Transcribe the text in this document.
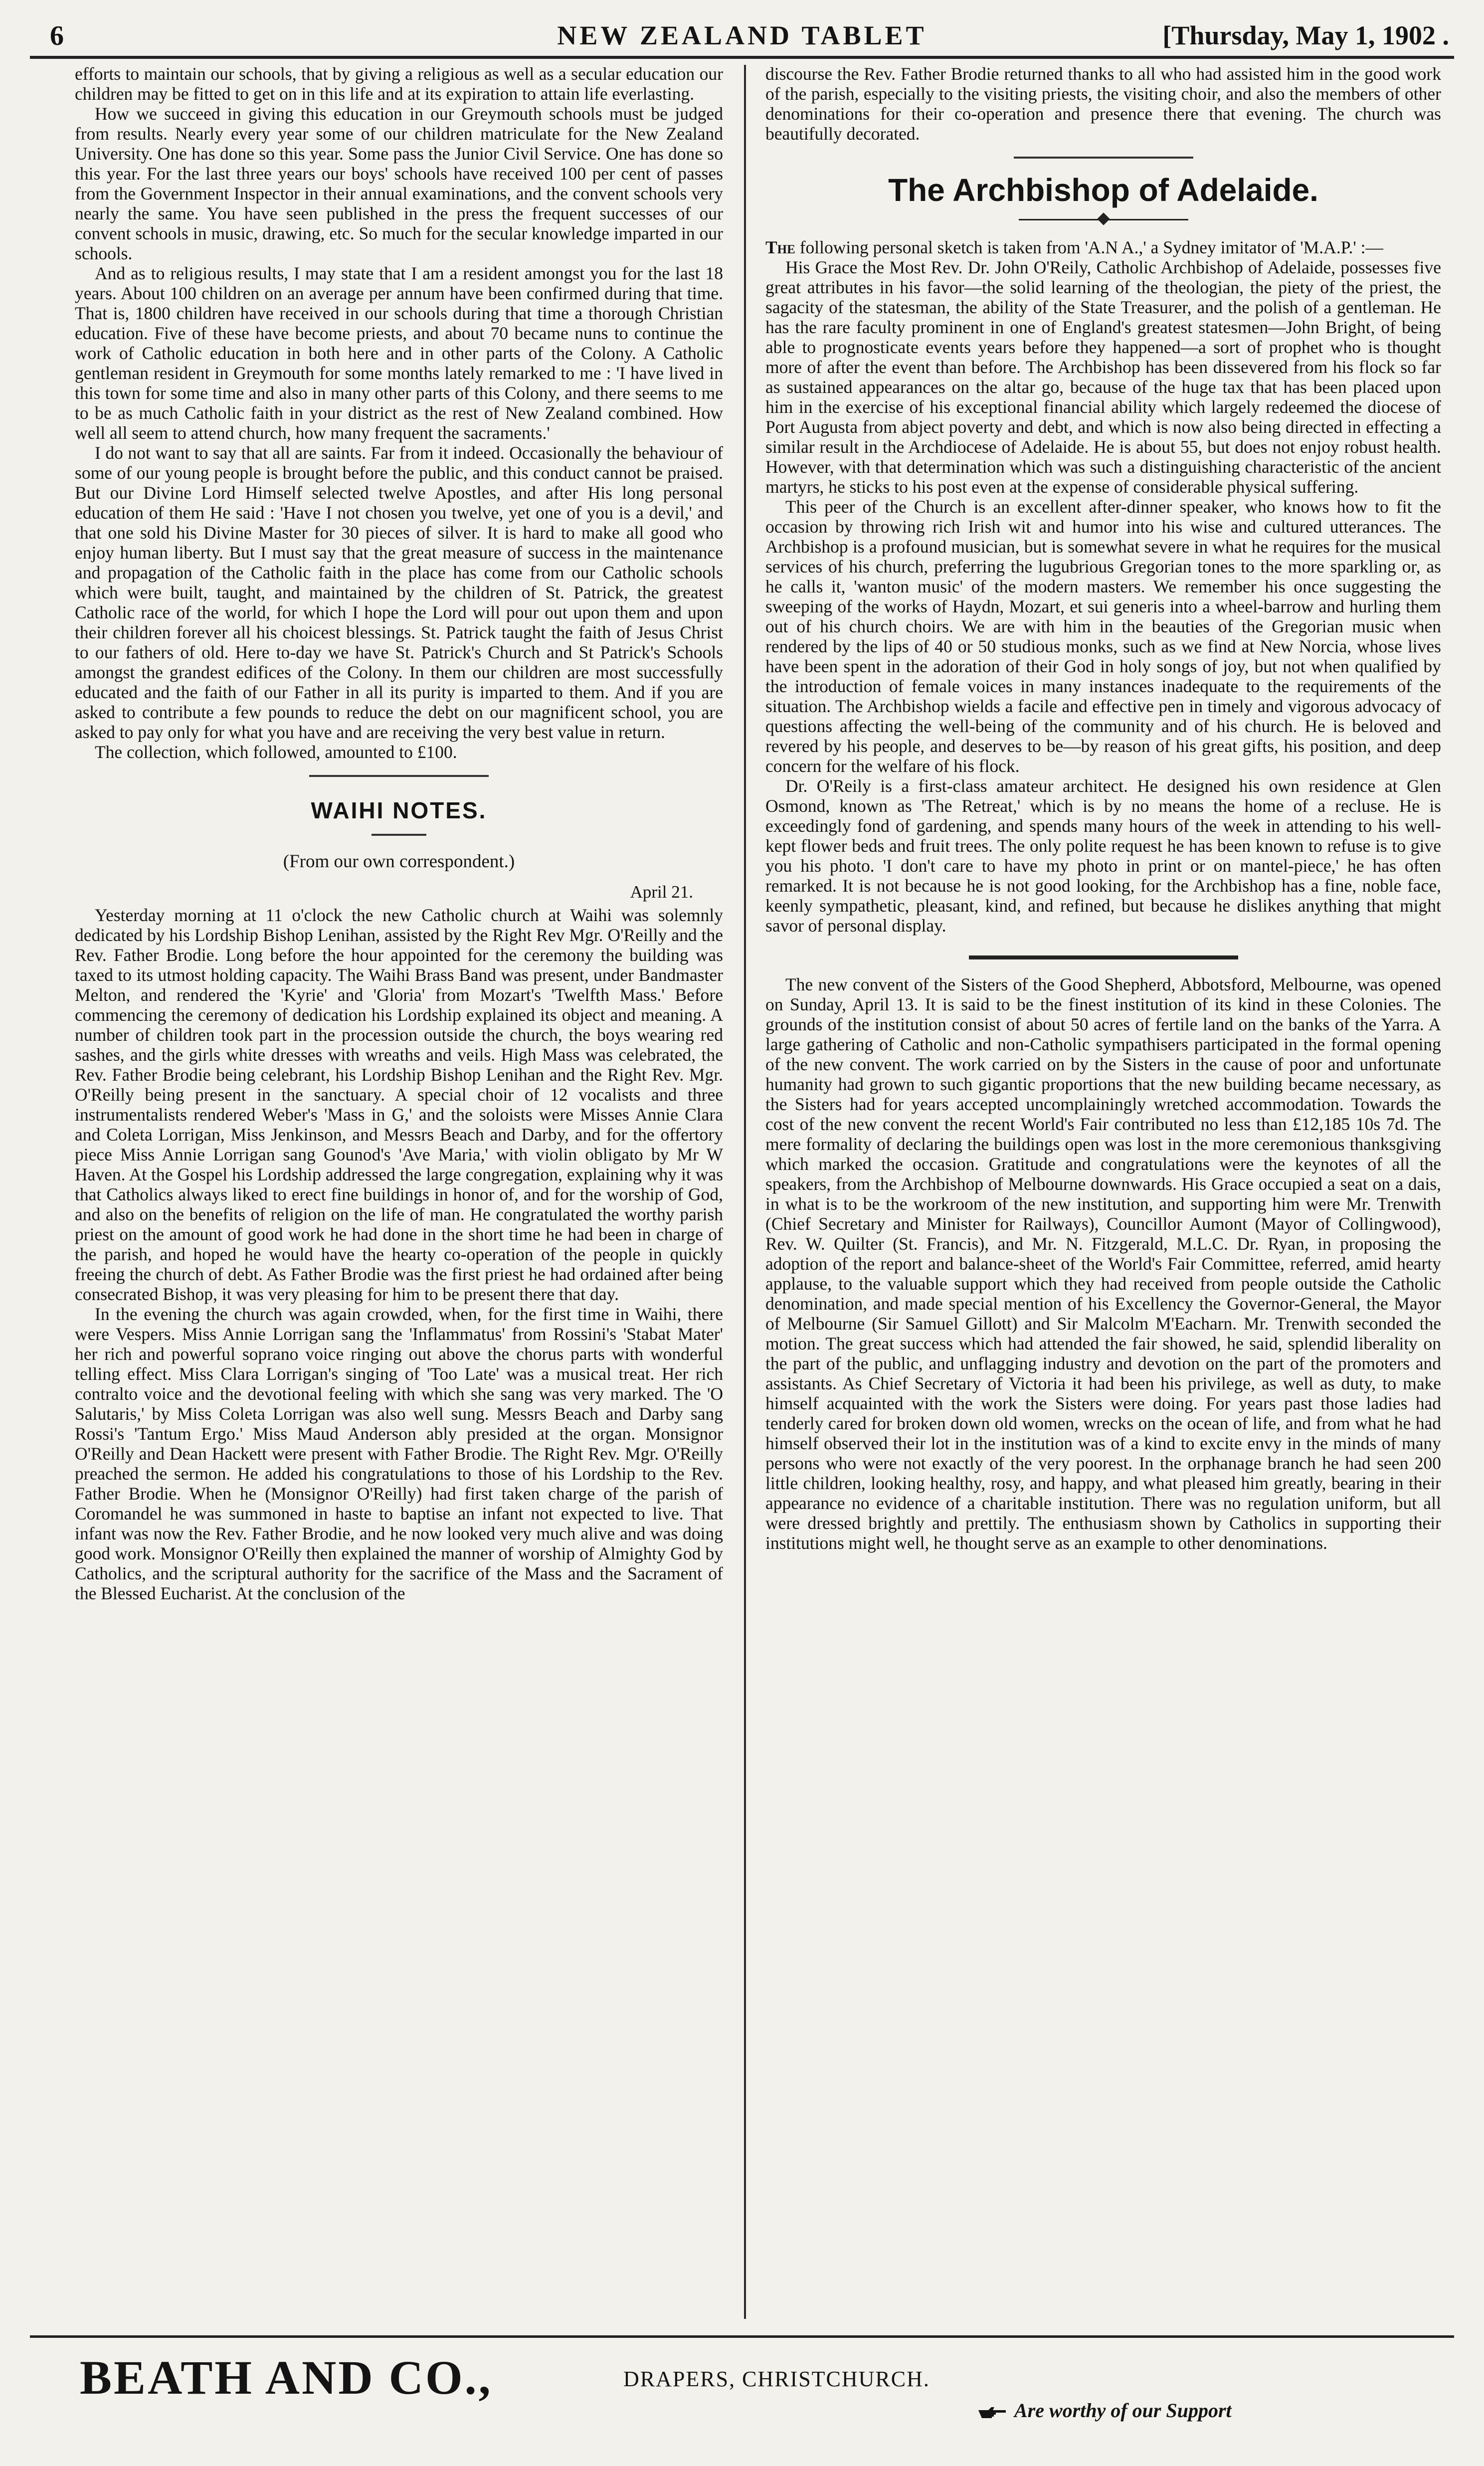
6	NEW ZEALAND TABLET	[Thursday, May 1, 1902 .

efforts to maintain our schools, that by giving a religious as well as a secular education our children may be fitted to get on in this life and at its expiration to attain life everlasting.

How we succeed in giving this education in our Greymouth schools must be judged from results. Nearly every year some of our children matriculate for the New Zealand University. One has done so this year. Some pass the Junior Civil Service. One has done so this year. For the last three years our boys' schools have received 100 per cent of passes from the Government Inspector in their annual examinations, and the convent schools very nearly the same. You have seen published in the press the frequent successes of our convent schools in music, drawing, etc. So much for the secular knowledge imparted in our schools.

And as to religious results, I may state that I am a resident amongst you for the last 18 years. About 100 children on an average per annum have been confirmed during that time. That is, 1800 children have received in our schools during that time a thorough Christian education. Five of these have become priests, and about 70 became nuns to continue the work of Catholic education in both here and in other parts of the Colony. A Catholic gentleman resident in Greymouth for some months lately remarked to me : 'I have lived in this town for some time and also in many other parts of this Colony, and there seems to me to be as much Catholic faith in your district as the rest of New Zealand combined. How well all seem to attend church, how many frequent the sacraments.'

I do not want to say that all are saints. Far from it indeed. Occasionally the behaviour of some of our young people is brought before the public, and this conduct cannot be praised. But our Divine Lord Himself selected twelve Apostles, and after His long personal education of them He said : 'Have I not chosen you twelve, yet one of you is a devil,' and that one sold his Divine Master for 30 pieces of silver. It is hard to make all good who enjoy human liberty. But I must say that the great measure of success in the maintenance and propagation of the Catholic faith in the place has come from our Catholic schools which were built, taught, and maintained by the children of St. Patrick, the greatest Catholic race of the world, for which I hope the Lord will pour out upon them and upon their children forever all his choicest blessings. St. Patrick taught the faith of Jesus Christ to our fathers of old. Here to-day we have St. Patrick's Church and St Patrick's Schools amongst the grandest edifices of the Colony. In them our children are most successfully educated and the faith of our Father in all its purity is imparted to them. And if you are asked to contribute a few pounds to reduce the debt on our magnificent school, you are asked to pay only for what you have and are receiving the very best value in return.

The collection, which followed, amounted to £100.

WAIHI NOTES.
(From our own correspondent.)
April 21.

Yesterday morning at 11 o'clock the new Catholic church at Waihi was solemnly dedicated by his Lordship Bishop Lenihan, assisted by the Right Rev Mgr. O'Reilly and the Rev. Father Brodie. Long before the hour appointed for the ceremony the building was taxed to its utmost holding capacity. The Waihi Brass Band was present, under Bandmaster Melton, and rendered the 'Kyrie' and 'Gloria' from Mozart's 'Twelfth Mass.' Before commencing the ceremony of dedication his Lordship explained its object and meaning. A number of children took part in the procession outside the church, the boys wearing red sashes, and the girls white dresses with wreaths and veils. High Mass was celebrated, the Rev. Father Brodie being celebrant, his Lordship Bishop Lenihan and the Right Rev. Mgr. O'Reilly being present in the sanctuary. A special choir of 12 vocalists and three instrumentalists rendered Weber's 'Mass in G,' and the soloists were Misses Annie Clara and Coleta Lorrigan, Miss Jenkinson, and Messrs Beach and Darby, and for the offertory piece Miss Annie Lorrigan sang Gounod's 'Ave Maria,' with violin obligato by Mr W Haven. At the Gospel his Lordship addressed the large congregation, explaining why it was that Catholics always liked to erect fine buildings in honor of, and for the worship of God, and also on the benefits of religion on the life of man. He congratulated the worthy parish priest on the amount of good work he had done in the short time he had been in charge of the parish, and hoped he would have the hearty co-operation of the people in quickly freeing the church of debt. As Father Brodie was the first priest he had ordained after being consecrated Bishop, it was very pleasing for him to be present there that day.

In the evening the church was again crowded, when, for the first time in Waihi, there were Vespers. Miss Annie Lorrigan sang the 'Inflammatus' from Rossini's 'Stabat Mater' her rich and powerful soprano voice ringing out above the chorus parts with wonderful telling effect. Miss Clara Lorrigan's singing of 'Too Late' was a musical treat. Her rich contralto voice and the devotional feeling with which she sang was very marked. The 'O Salutaris,' by Miss Coleta Lorrigan was also well sung. Messrs Beach and Darby sang Rossi's 'Tantum Ergo.' Miss Maud Anderson ably presided at the organ. Monsignor O'Reilly and Dean Hackett were present with Father Brodie. The Right Rev. Mgr. O'Reilly preached the sermon. He added his congratulations to those of his Lordship to the Rev. Father Brodie. When he (Monsignor O'Reilly) had first taken charge of the parish of Coromandel he was summoned in haste to baptise an infant not expected to live. That infant was now the Rev. Father Brodie, and he now looked very much alive and was doing good work. Monsignor O'Reilly then explained the manner of worship of Almighty God by Catholics, and the scriptural authority for the sacrifice of the Mass and the Sacrament of the Blessed Eucharist. At the conclusion of the

discourse the Rev. Father Brodie returned thanks to all who had assisted him in the good work of the parish, especially to the visiting priests, the visiting choir, and also the members of other denominations for their co-operation and presence there that evening. The church was beautifully decorated.

The Archbishop of Adelaide.

The following personal sketch is taken from 'A.N A.,' a Sydney imitator of 'M.A.P.' :—

His Grace the Most Rev. Dr. John O'Reily, Catholic Archbishop of Adelaide, possesses five great attributes in his favor—the solid learning of the theologian, the piety of the priest, the sagacity of the statesman, the ability of the State Treasurer, and the polish of a gentleman. He has the rare faculty prominent in one of England's greatest statesmen—John Bright, of being able to prognosticate events years before they happened—a sort of prophet who is thought more of after the event than before. The Archbishop has been dissevered from his flock so far as sustained appearances on the altar go, because of the huge tax that has been placed upon him in the exercise of his exceptional financial ability which largely redeemed the diocese of Port Augusta from abject poverty and debt, and which is now also being directed in effecting a similar result in the Archdiocese of Adelaide. He is about 55, but does not enjoy robust health. However, with that determination which was such a distinguishing characteristic of the ancient martyrs, he sticks to his post even at the expense of considerable physical suffering.

This peer of the Church is an excellent after-dinner speaker, who knows how to fit the occasion by throwing rich Irish wit and humor into his wise and cultured utterances. The Archbishop is a profound musician, but is somewhat severe in what he requires for the musical services of his church, preferring the lugubrious Gregorian tones to the more sparkling or, as he calls it, 'wanton music' of the modern masters. We remember his once suggesting the sweeping of the works of Haydn, Mozart, et sui generis into a wheel-barrow and hurling them out of his church choirs. We are with him in the beauties of the Gregorian music when rendered by the lips of 40 or 50 studious monks, such as we find at New Norcia, whose lives have been spent in the adoration of their God in holy songs of joy, but not when qualified by the introduction of female voices in many instances inadequate to the requirements of the situation. The Archbishop wields a facile and effective pen in timely and vigorous advocacy of questions affecting the well-being of the community and of his church. He is beloved and revered by his people, and deserves to be—by reason of his great gifts, his position, and deep concern for the welfare of his flock.

Dr. O'Reily is a first-class amateur architect. He designed his own residence at Glen Osmond, known as 'The Retreat,' which is by no means the home of a recluse. He is exceedingly fond of gardening, and spends many hours of the week in attending to his well-kept flower beds and fruit trees. The only polite request he has been known to refuse is to give you his photo. 'I don't care to have my photo in print or on mantel-piece,' he has often remarked. It is not because he is not good looking, for the Archbishop has a fine, noble face, keenly sympathetic, pleasant, kind, and refined, but because he dislikes anything that might savor of personal display.

The new convent of the Sisters of the Good Shepherd, Abbotsford, Melbourne, was opened on Sunday, April 13. It is said to be the finest institution of its kind in these Colonies. The grounds of the institution consist of about 50 acres of fertile land on the banks of the Yarra. A large gathering of Catholic and non-Catholic sympathisers participated in the formal opening of the new convent. The work carried on by the Sisters in the cause of poor and unfortunate humanity had grown to such gigantic proportions that the new building became necessary, as the Sisters had for years accepted uncomplainingly wretched accommodation. Towards the cost of the new convent the recent World's Fair contributed no less than £12,185 10s 7d. The mere formality of declaring the buildings open was lost in the more ceremonious thanksgiving which marked the occasion. Gratitude and congratulations were the keynotes of all the speakers, from the Archbishop of Melbourne downwards. His Grace occupied a seat on a dais, in what is to be the workroom of the new institution, and supporting him were Mr. Trenwith (Chief Secretary and Minister for Railways), Councillor Aumont (Mayor of Collingwood), Rev. W. Quilter (St. Francis), and Mr. N. Fitzgerald, M.L.C. Dr. Ryan, in proposing the adoption of the report and balance-sheet of the World's Fair Committee, referred, amid hearty applause, to the valuable support which they had received from people outside the Catholic denomination, and made special mention of his Excellency the Governor-General, the Mayor of Melbourne (Sir Samuel Gillott) and Sir Malcolm M'Eacharn. Mr. Trenwith seconded the motion. The great success which had attended the fair showed, he said, splendid liberality on the part of the public, and unflagging industry and devotion on the part of the promoters and assistants. As Chief Secretary of Victoria it had been his privilege, as well as duty, to make himself acquainted with the work the Sisters were doing. For years past those ladies had tenderly cared for broken down old women, wrecks on the ocean of life, and from what he had himself observed their lot in the institution was of a kind to excite envy in the minds of many persons who were not exactly of the very poorest. In the orphanage branch he had seen 200 little children, looking healthy, rosy, and happy, and what pleased him greatly, bearing in their appearance no evidence of a charitable institution. There was no regulation uniform, but all were dressed brightly and prettily. The enthusiasm shown by Catholics in supporting their institutions might well, he thought serve as an example to other denominations.

BEATH AND CO.,	DRAPERS, CHRISTCHURCH.
Are worthy of our Support
